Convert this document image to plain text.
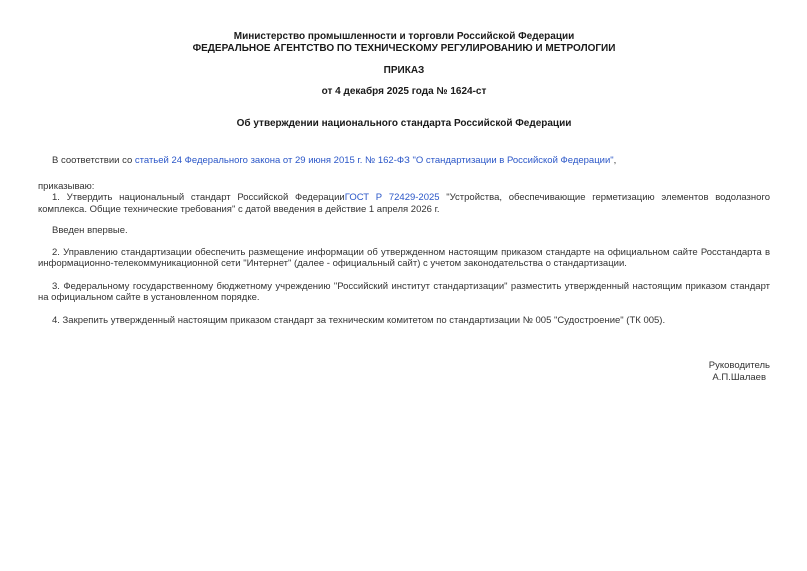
Министерство промышленности и торговли Российской Федерации
ФЕДЕРАЛЬНОЕ АГЕНТСТВО ПО ТЕХНИЧЕСКОМУ РЕГУЛИРОВАНИЮ И МЕТРОЛОГИИ
ПРИКАЗ
от 4 декабря 2025 года № 1624-ст
Об утверждении национального стандарта Российской Федерации

В соответствии со статьей 24 Федерального закона от 29 июня 2015 г. № 162-ФЗ "О стандартизации в Российской Федерации",

приказываю:

1. Утвердить национальный стандарт Российской ФедерацииГОСТ Р 72429-2025 "Устройства, обеспечивающие герметизацию элементов водолазного комплекса. Общие технические требования" с датой введения в действие 1 апреля 2026 г.

Введен впервые.

2. Управлению стандартизации обеспечить размещение информации об утвержденном настоящим приказом стандарте на официальном сайте Росстандарта в информационно-телекоммуникационной сети "Интернет" (далее - официальный сайт) с учетом законодательства о стандартизации.

3. Федеральному государственному бюджетному учреждению "Российский институт стандартизации" разместить утвержденный настоящим приказом стандарт на официальном сайте в установленном порядке.

4. Закрепить утвержденный настоящим приказом стандарт за техническим комитетом по стандартизации № 005 "Судостроение" (ТК 005).

Руководитель
А.П.Шалаев
